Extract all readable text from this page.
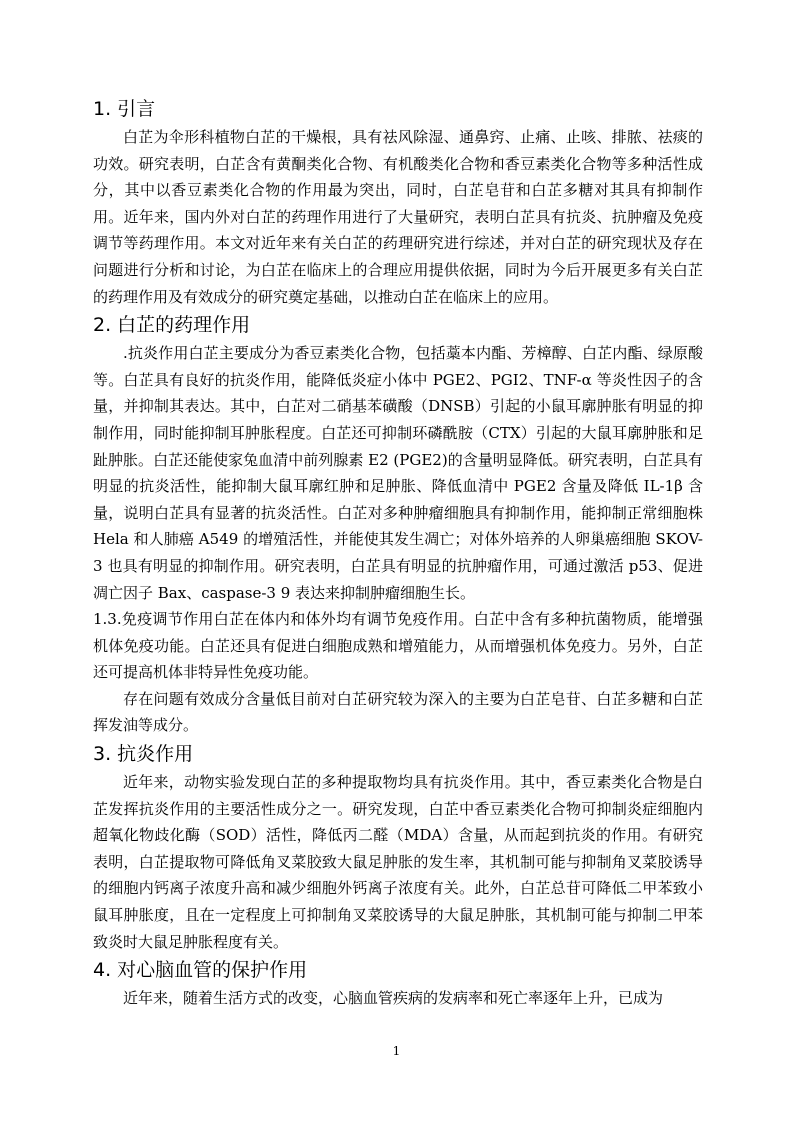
1. 引言

白芷为伞形科植物白芷的干燥根，具有祛风除湿、通鼻窍、止痛、止咳、排脓、祛痰的功效。研究表明，白芷含有黄酮类化合物、有机酸类化合物和香豆素类化合物等多种活性成分，其中以香豆素类化合物的作用最为突出，同时，白芷皂苷和白芷多糖对其具有抑制作用。近年来，国内外对白芷的药理作用进行了大量研究，表明白芷具有抗炎、抗肿瘤及免疫调节等药理作用。本文对近年来有关白芷的药理研究进行综述，并对白芷的研究现状及存在问题进行分析和讨论，为白芷在临床上的合理应用提供依据，同时为今后开展更多有关白芷的药理作用及有效成分的研究奠定基础，以推动白芷在临床上的应用。

2. 白芷的药理作用

.抗炎作用白芷主要成分为香豆素类化合物，包括藁本内酯、芳樟醇、白芷内酯、绿原酸等。白芷具有良好的抗炎作用，能降低炎症小体中 PGE2、PGI2、TNF-α 等炎性因子的含量，并抑制其表达。其中，白芷对二硝基苯磺酸（DNSB）引起的小鼠耳廓肿胀有明显的抑制作用，同时能抑制耳肿胀程度。白芷还可抑制环磷酰胺（CTX）引起的大鼠耳廓肿胀和足趾肿胀。白芷还能使家兔血清中前列腺素 E2 (PGE2)的含量明显降低。研究表明，白芷具有明显的抗炎活性，能抑制大鼠耳廓红肿和足肿胀、降低血清中 PGE2 含量及降低 IL-1β 含量，说明白芷具有显著的抗炎活性。白芷对多种肿瘤细胞具有抑制作用，能抑制正常细胞株 Hela 和人肺癌 A549 的增殖活性，并能使其发生凋亡；对体外培养的人卵巢癌细胞 SKOV-3 也具有明显的抑制作用。研究表明，白芷具有明显的抗肿瘤作用，可通过激活 p53、促进凋亡因子 Bax、caspase-3 9 表达来抑制肿瘤细胞生长。

1.3.免疫调节作用白芷在体内和体外均有调节免疫作用。白芷中含有多种抗菌物质，能增强机体免疫功能。白芷还具有促进白细胞成熟和增殖能力，从而增强机体免疫力。另外，白芷还可提高机体非特异性免疫功能。

存在问题有效成分含量低目前对白芷研究较为深入的主要为白芷皂苷、白芷多糖和白芷挥发油等成分。

3. 抗炎作用

近年来，动物实验发现白芷的多种提取物均具有抗炎作用。其中，香豆素类化合物是白芷发挥抗炎作用的主要活性成分之一。研究发现，白芷中香豆素类化合物可抑制炎症细胞内超氧化物歧化酶（SOD）活性，降低丙二醛（MDA）含量，从而起到抗炎的作用。有研究表明，白芷提取物可降低角叉菜胶致大鼠足肿胀的发生率，其机制可能与抑制角叉菜胶诱导的细胞内钙离子浓度升高和减少细胞外钙离子浓度有关。此外，白芷总苷可降低二甲苯致小鼠耳肿胀度，且在一定程度上可抑制角叉菜胶诱导的大鼠足肿胀，其机制可能与抑制二甲苯致炎时大鼠足肿胀程度有关。

4. 对心脑血管的保护作用

近年来，随着生活方式的改变，心脑血管疾病的发病率和死亡率逐年上升，已成为

1
